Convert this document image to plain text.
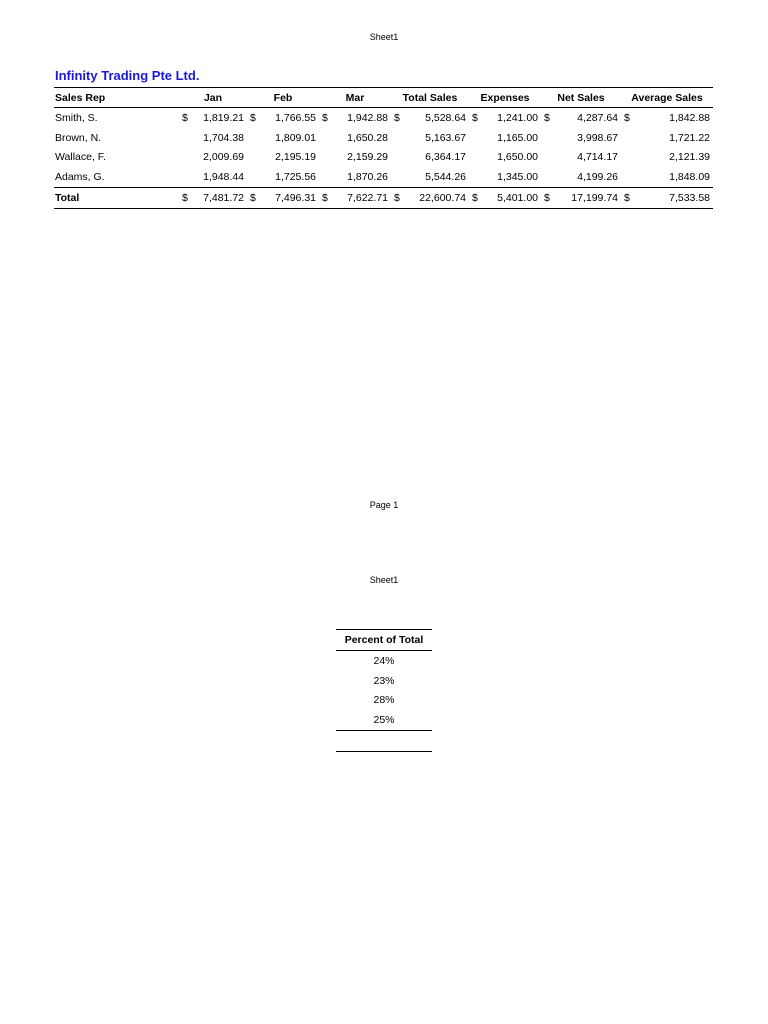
Sheet1
Infinity Trading Pte Ltd.
Sales Rep	Jan		Feb		Mar		Total Sales		Expenses		Net Sales		Average Sales	
Smith, S.	$	1,819.21	$	1,766.55	$	1,942.88	$	5,528.64	$	1,241.00	$	4,287.64	$	1,842.88
Brown, N.		1,704.38		1,809.01		1,650.28		5,163.67		1,165.00		3,998.67		1,721.22
Wallace, F.		2,009.69		2,195.19		2,159.29		6,364.17		1,650.00		4,714.17		2,121.39
Adams, G.		1,948.44		1,725.56		1,870.26		5,544.26		1,345.00		4,199.26		1,848.09
Total	$	7,481.72	$	7,496.31	$	7,622.71	$	22,600.74	$	5,401.00	$	17,199.74	$	7,533.58
Page 1
Sheet1
Percent of Total
24%
23%
28%
25%
